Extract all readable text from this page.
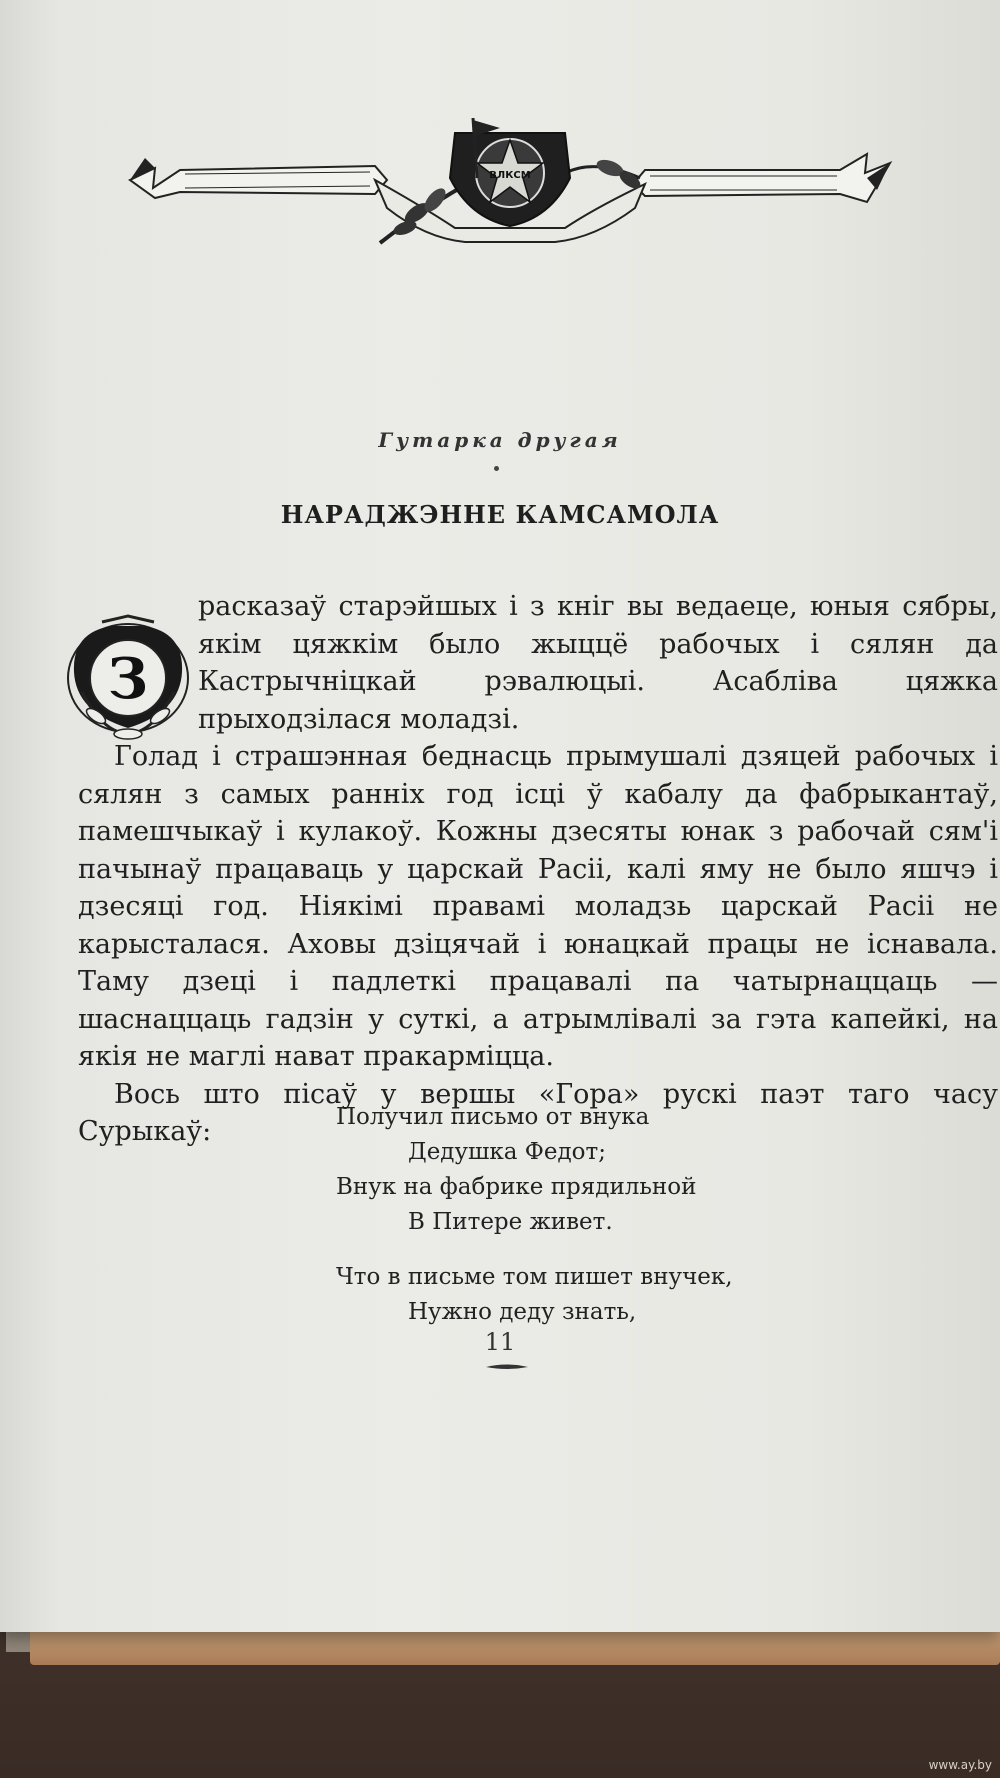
ВЛКСМ
Гутарка другая
НАРАДЖЭННЕ КАМСАМОЛА
З

расказаў старэйшых і з кніг вы ведаеце, юныя сябры, якім цяжкім было жыццё рабочых і сялян да Кастрычніцкай рэвалюцыі. Асабліва цяжка прыходзілася моладзі.

Голад і страшэнная беднасць прымушалі дзяцей рабочых і сялян з самых ранніх год ісці ў кабалу да фабрыкантаў, памешчыкаў і кулакоў. Кожны дзесяты юнак з рабочай сям'і пачынаў працаваць у царскай Расіі, калі яму не было яшчэ і дзесяці год. Ніякімі правамі моладзь царскай Расіі не карысталася. Аховы дзіцячай і юнацкай працы не існавала. Таму дзеці і падлеткі працавалі па чатырнаццаць — шаснаццаць гадзін у суткі, а атрымлівалі за гэта капейкі, на якія не маглі нават пракарміцца.

Вось што пісаў у вершы «Гора» рускі паэт таго часу Сурыкаў:	Получил письмо от внука
Дедушка Федот;
Внук на фабрике прядильной
В Питере живет.
Что в письме том пишет внучек,
Нужно деду знать,
11
www.ay.by
